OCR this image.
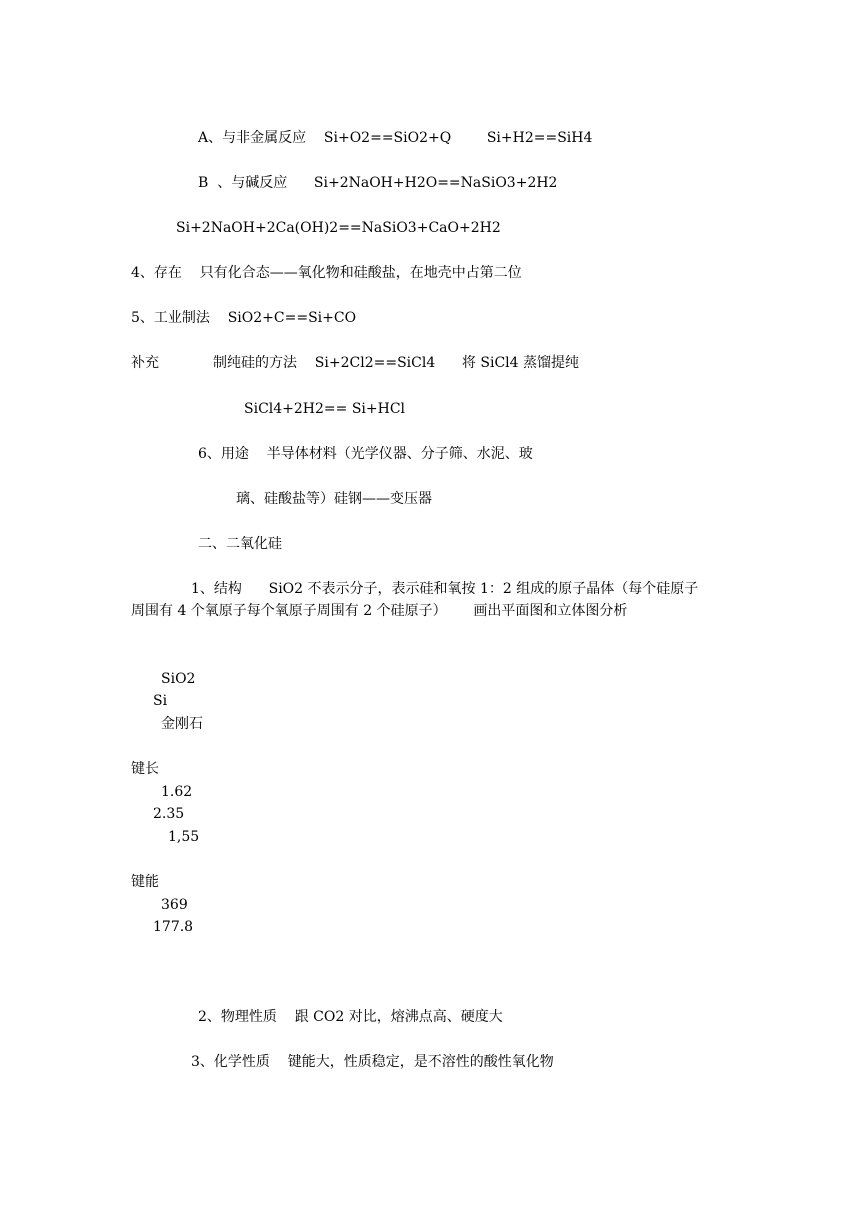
A、与非金属反应    Si+O2==SiO2+Q        Si+H2==SiH4
B  、与碱反应      Si+2NaOH+H2O==NaSiO3+2H2
Si+2NaOH+2Ca(OH)2==NaSiO3+CaO+2H2
4、存在    只有化合态——氧化物和硅酸盐，在地壳中占第二位
5、工业制法    SiO2+C==Si+CO
补充	制纯硅的方法    Si+2Cl2==SiCl4      将 SiCl4 蒸馏提纯
SiCl4+2H2== Si+HCl
6、用途    半导体材料（光学仪器、分子筛、水泥、玻
璃、硅酸盐等）硅钢——变压器
二、二氧化硅
1、结构      SiO2 不表示分子，表示硅和氧按 1：2 组成的原子晶体（每个硅原子
周围有 4 个氧原子每个氧原子周围有 2 个硅原子）      画出平面图和立体图分析
SiO2
Si
金刚石
键长
1.62
2.35
1,55
键能
369
177.8
2、物理性质    跟 CO2 对比，熔沸点高、硬度大
3、化学性质    键能大，性质稳定，是不溶性的酸性氧化物
